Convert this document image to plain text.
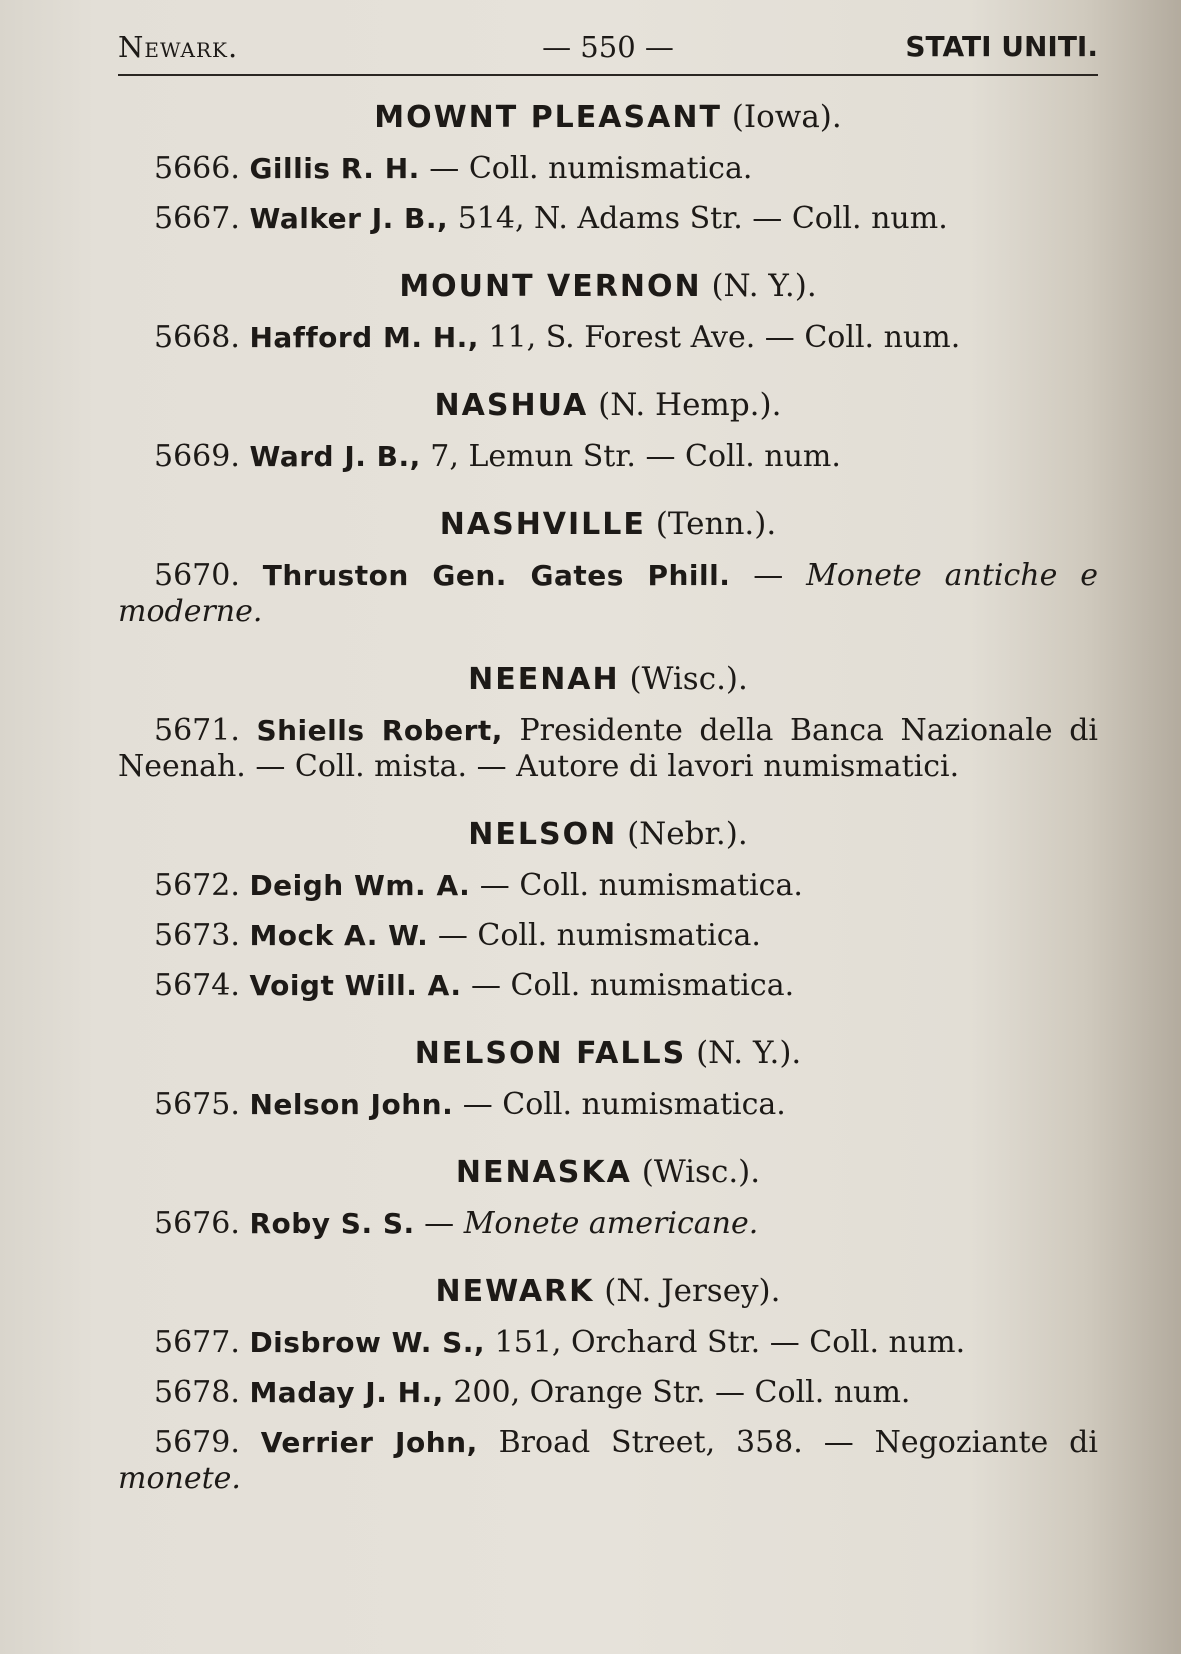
Newark.	— 550 —	STATI UNITI.
MOWNT PLEASANT (Iowa).
5666. Gillis R. H. — Coll. numismatica.
5667. Walker J. B., 514, N. Adams Str. — Coll. num.
MOUNT VERNON (N. Y.).
5668. Hafford M. H., 11, S. Forest Ave. — Coll. num.
NASHUA (N. Hemp.).
5669. Ward J. B., 7, Lemun Str. — Coll. num.
NASHVILLE (Tenn.).
5670. Thruston Gen. Gates Phill. — Monete antiche e moderne.
NEENAH (Wisc.).
5671. Shiells Robert, Presidente della Banca Nazionale di Neenah. — Coll. mista. — Autore di lavori numismatici.
NELSON (Nebr.).
5672. Deigh Wm. A. — Coll. numismatica.
5673. Mock A. W. — Coll. numismatica.
5674. Voigt Will. A. — Coll. numismatica.
NELSON FALLS (N. Y.).
5675. Nelson John. — Coll. numismatica.
NENASKA (Wisc.).
5676. Roby S. S. — Monete americane.
NEWARK (N. Jersey).
5677. Disbrow W. S., 151, Orchard Str. — Coll. num.
5678. Maday J. H., 200, Orange Str. — Coll. num.
5679. Verrier John, Broad Street, 358. — Negoziante di monete.
